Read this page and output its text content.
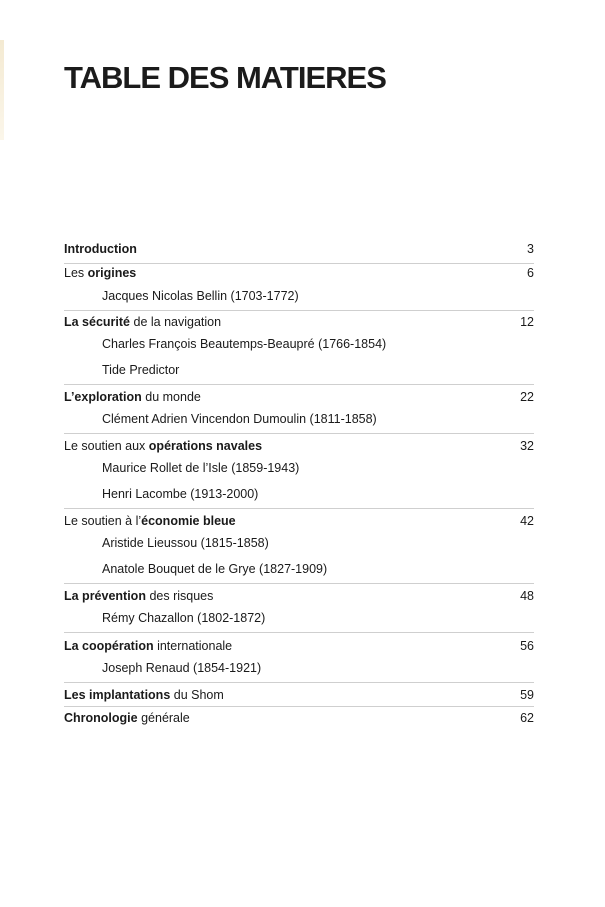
TABLE DES MATIERES
Introduction	3
Les origines	6
Jacques Nicolas Bellin (1703-1772)
La sécurité de la navigation	12
Charles François Beautemps-Beaupré (1766-1854)
Tide Predictor
L’exploration du monde	22
Clément Adrien Vincendon Dumoulin (1811-1858)
Le soutien aux opérations navales	32
Maurice Rollet de l’Isle (1859-1943)
Henri Lacombe (1913-2000)
Le soutien à l’économie bleue	42
Aristide Lieussou (1815-1858)
Anatole Bouquet de le Grye (1827-1909)
La prévention des risques	48
Rémy Chazallon (1802-1872)
La coopération internationale	56
Joseph Renaud (1854-1921)
Les implantations du Shom	59
Chronologie générale	62
